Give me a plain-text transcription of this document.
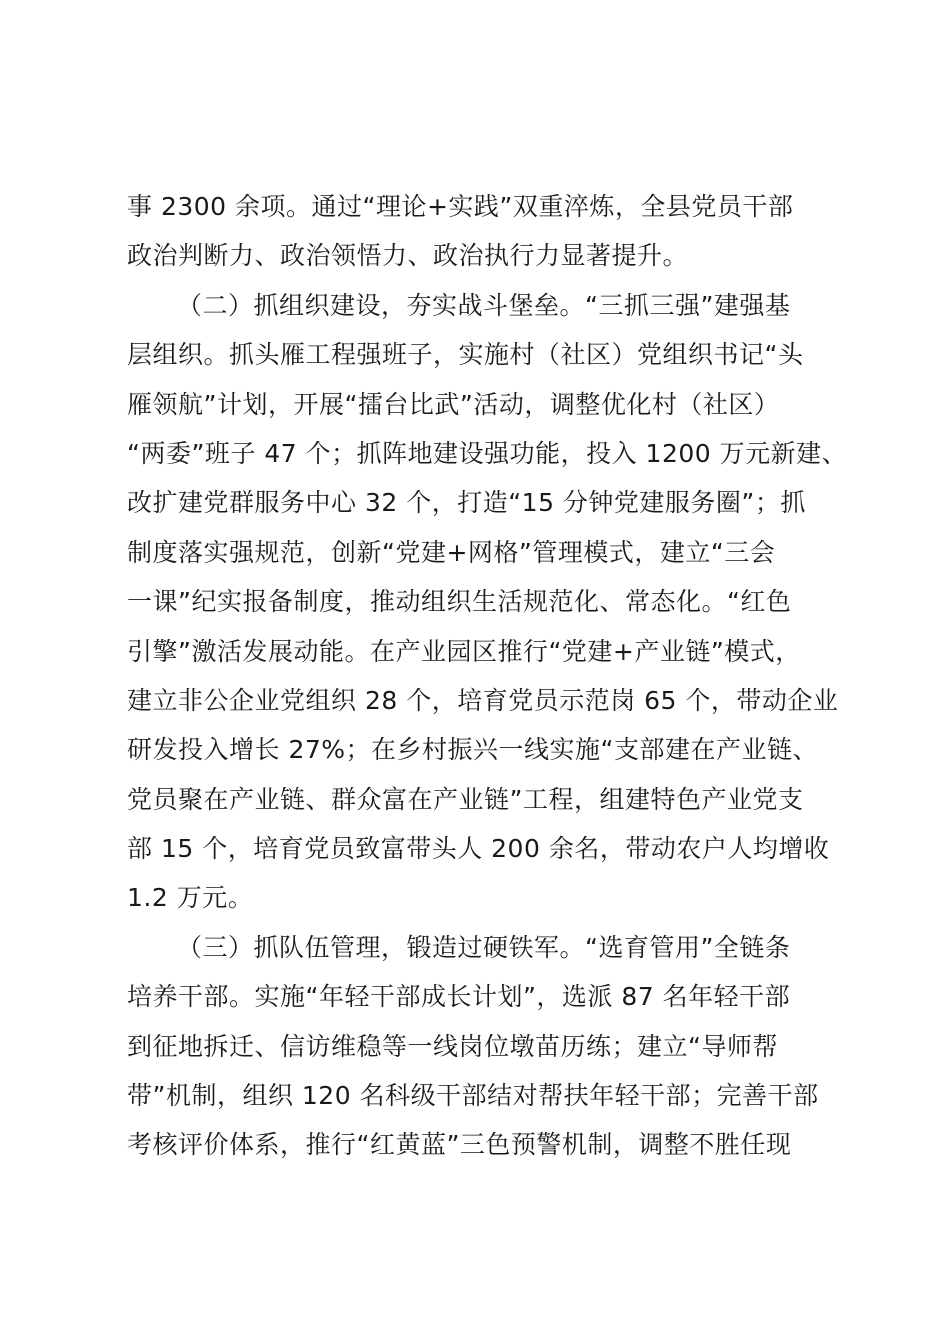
事 2300 余项。通过“理论+实践”双重淬炼，全县党员干部
政治判断力、政治领悟力、政治执行力显著提升。
（二）抓组织建设，夯实战斗堡垒。“三抓三强”建强基
层组织。抓头雁工程强班子，实施村（社区）党组织书记“头
雁领航”计划，开展“擂台比武”活动，调整优化村（社区）
“两委”班子 47 个；抓阵地建设强功能，投入 1200 万元新建、
改扩建党群服务中心 32 个，打造“15 分钟党建服务圈”；抓
制度落实强规范，创新“党建+网格”管理模式，建立“三会
一课”纪实报备制度，推动组织生活规范化、常态化。“红色
引擎”激活发展动能。在产业园区推行“党建+产业链”模式，
建立非公企业党组织 28 个，培育党员示范岗 65 个，带动企业
研发投入增长 27%；在乡村振兴一线实施“支部建在产业链、
党员聚在产业链、群众富在产业链”工程，组建特色产业党支
部 15 个，培育党员致富带头人 200 余名，带动农户人均增收
1.2 万元。
（三）抓队伍管理，锻造过硬铁军。“选育管用”全链条
培养干部。实施“年轻干部成长计划”，选派 87 名年轻干部
到征地拆迁、信访维稳等一线岗位墩苗历练；建立“导师帮
带”机制，组织 120 名科级干部结对帮扶年轻干部；完善干部
考核评价体系，推行“红黄蓝”三色预警机制，调整不胜任现
